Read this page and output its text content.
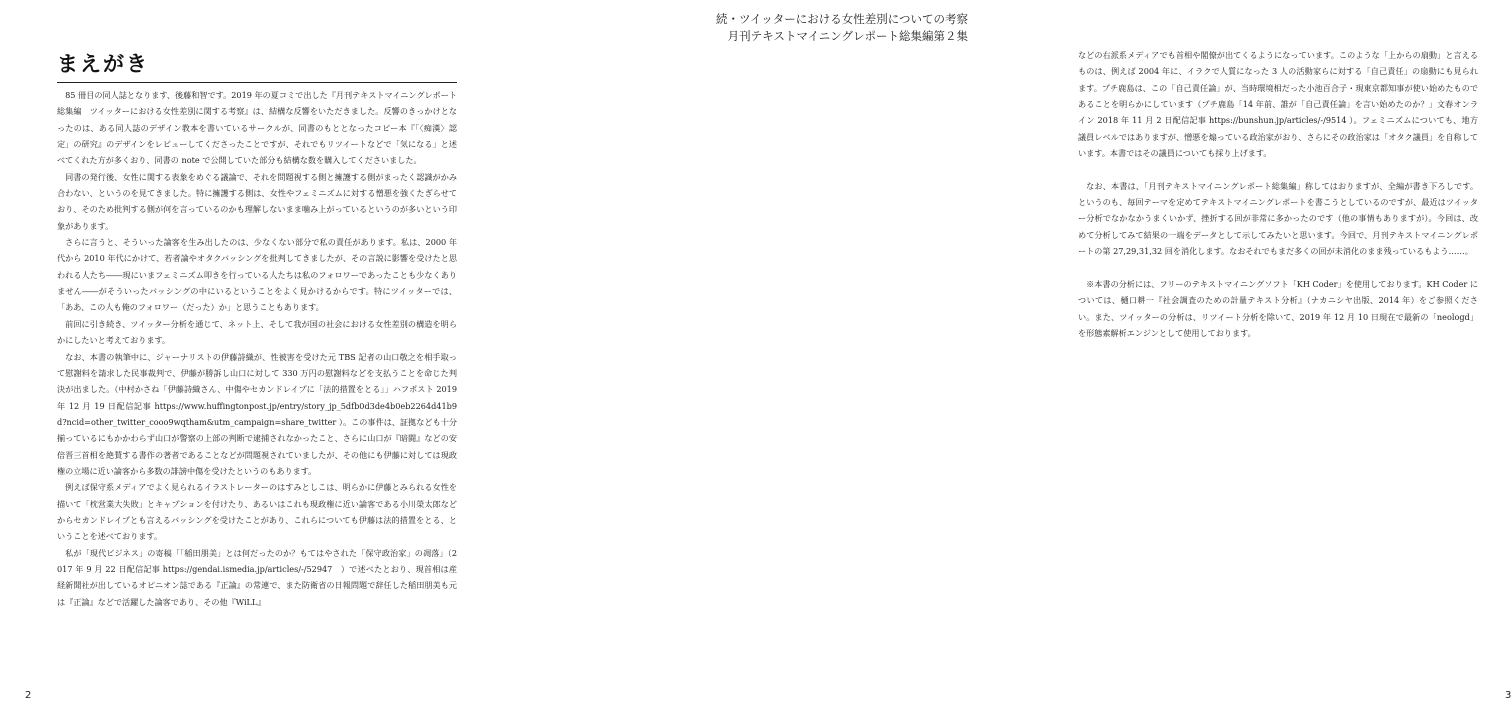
まえがき

85 冊目の同人誌となります、後藤和智です。2019 年の夏コミで出した『月刊テキストマイニングレポート総集編　ツイッターにおける女性差別に関する考察』は、結構な反響をいただきました。反響のきっかけとなったのは、ある同人誌のデザイン教本を書いているサークルが、同書のもととなったコピー本『「〈痴漢〉認定」の研究』のデザインをレビューしてくださったことですが、それでもリツイートなどで「気になる」と述べてくれた方が多くおり、同書の note で公開していた部分も結構な数を購入してくださいました。

同書の発行後、女性に関する表象をめぐる議論で、それを問題視する側と擁護する側がまったく認識がかみ合わない、というのを見てきました。特に擁護する側は、女性やフェミニズムに対する憎悪を強くたぎらせており、そのため批判する側が何を言っているのかも理解しないまま噛み上がっているというのが多いという印象があります。

さらに言うと、そういった論客を生み出したのは、少なくない部分で私の責任があります。私は、2000 年代から 2010 年代にかけて、若者論やオタクバッシングを批判してきましたが、その言説に影響を受けたと思われる人たち――現にいまフェミニズム叩きを行っている人たちは私のフォロワーであったことも少なくありません――がそういったバッシングの中にいるということをよく見かけるからです。特にツイッターでは、「ああ、この人も俺のフォロワー（だった）か」と思うこともあります。

前回に引き続き、ツイッター分析を通じて、ネット上、そして我が国の社会における女性差別の構造を明らかにしたいと考えております。

なお、本書の執筆中に、ジャーナリストの伊藤詩織が、性被害を受けた元 TBS 記者の山口敬之を相手取って慰謝料を請求した民事裁判で、伊藤が勝訴し山口に対して 330 万円の慰謝料などを支払うことを命じた判決が出ました。（中村かさね「伊藤詩織さん、中傷やセカンドレイプに「法的措置をとる」」ハフポスト 2019 年 12 月 19 日配信記事 https://www.huffingtonpost.jp/entry/story_jp_5dfb0d3de4b0eb2264d41b9d?ncid=other_twitter_cooo9wqtham&utm_campaign=share_twitter ）。この事件は、証拠なども十分揃っているにもかかわらず山口が警察の上部の判断で逮捕されなかったこと、さらに山口が『暗闘』などの安倍晋三首相を絶賛する書作の著者であることなどが問題視されていましたが、その他にも伊藤に対しては現政権の立場に近い論客から多数の誹謗中傷を受けたというのもあります。

例えば保守系メディアでよく見られるイラストレーターのはすみとしこは、明らかに伊藤とみられる女性を描いて「枕営業大失敗」とキャプションを付けたり、あるいはこれも現政権に近い論客である小川榮太郎などからセカンドレイプとも言えるバッシングを受けたことがあり、これらについても伊藤は法的措置をとる、ということを述べております。

私が「現代ビジネス」の寄稿「「稲田朋美」とは何だったのか？もてはやされた「保守政治家」の凋落」（2017 年 9 月 22 日配信記事 https://gendai.ismedia.jp/articles/-/52947　）で述べたとおり、現首相は産経新聞社が出しているオピニオン誌である『正論』の常連で、また防衛省の日報問題で辞任した稲田朋美も元は『正論』などで活躍した論客であり、その他『WiLL』

2
続・ツイッターにおける女性差別についての考察
月刊テキストマイニングレポート総集編第２集

などの右派系メディアでも首相や閣僚が出てくるようになっています。このような「上からの扇動」と言えるものは、例えば 2004 年に、イラクで人質になった 3 人の活動家らに対する「自己責任」の扇動にも見られます。プチ鹿島は、この「自己責任論」が、当時環境相だった小池百合子・現東京都知事が使い始めたものであることを明らかにしています（プチ鹿島「14 年前、誰が「自己責任論」を言い始めたのか？」文春オンライン 2018 年 11 月 2 日配信記事 https://bunshun.jp/articles/-/9514 ）。フェミニズムについても、地方議員レベルではありますが、憎悪を煽っている政治家がおり、さらにその政治家は「オタク議員」を自称しています。本書ではその議員についても採り上げます。

なお、本書は、「月刊テキストマイニングレポート総集編」称してはおりますが、全編が書き下ろしです。というのも、毎回テーマを定めてテキストマイニングレポートを書こうとしているのですが、最近はツイッター分析でなかなかうまくいかず、挫折する回が非常に多かったのです（他の事情もありますが）。今回は、改めて分析してみて結果の一端をデータとして示してみたいと思います。今回で、月刊テキストマイニングレポートの第 27,29,31,32 回を消化します。なおそれでもまだ多くの回が未消化のまま残っているもよう……。

※本書の分析には、フリーのテキストマイニングソフト「KH Coder」を使用しております。KH Coder については、樋口耕一『社会調査のための計量テキスト分析』（ナカニシヤ出版、2014 年）をご参照ください。また、ツイッターの分析は、リツイート分析を除いて、2019 年 12 月 10 日現在で最新の「neologd」を形態素解析エンジンとして使用しております。

3
